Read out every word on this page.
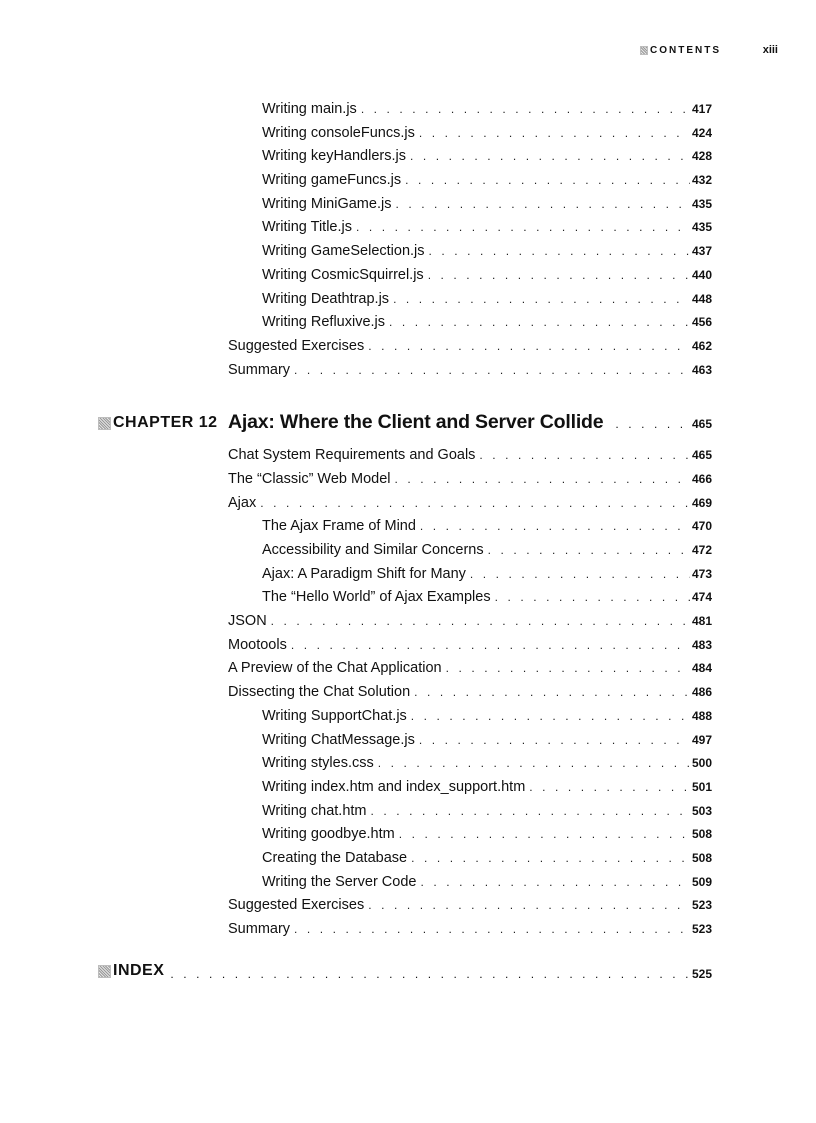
CONTENTS	xiii
Writing main.js . . .	417
Writing consoleFuncs.js . . .	424
Writing keyHandlers.js . . .	428
Writing gameFuncs.js . . .	432
Writing MiniGame.js . . .	435
Writing Title.js . . .	435
Writing GameSelection.js . . .	437
Writing CosmicSquirrel.js . . .	440
Writing Deathtrap.js . . .	448
Writing Refluxive.js . . .	456
Suggested Exercises . . .	462
Summary . . .	463
CHAPTER 12 Ajax: Where the Client and Server Collide . . .	465
Chat System Requirements and Goals . . .	465
The “Classic” Web Model . . .	466
Ajax . . .	469
The Ajax Frame of Mind . . .	470
Accessibility and Similar Concerns . . .	472
Ajax: A Paradigm Shift for Many . . .	473
The “Hello World” of Ajax Examples . . .	474
JSON . . .	481
Mootools . . .	483
A Preview of the Chat Application . . .	484
Dissecting the Chat Solution . . .	486
Writing SupportChat.js . . .	488
Writing ChatMessage.js . . .	497
Writing styles.css . . .	500
Writing index.htm and index_support.htm . . .	501
Writing chat.htm . . .	503
Writing goodbye.htm . . .	508
Creating the Database . . .	508
Writing the Server Code . . .	509
Suggested Exercises . . .	523
Summary . . .	523
INDEX . . .	525
